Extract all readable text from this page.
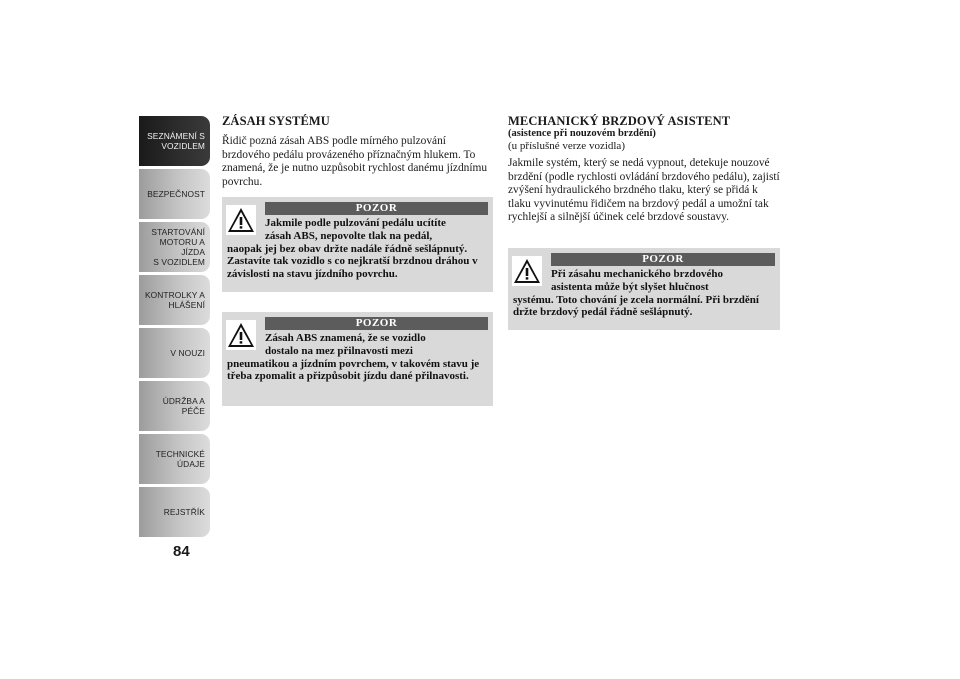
SEZNÁMENÍ S
VOZIDLEM
BEZPEČNOST
STARTOVÁNÍ
MOTORU A JÍZDA
S VOZIDLEM
KONTROLKY A
HLÁŠENÍ
V NOUZI
ÚDRŽBA A PÉČE
TECHNICKÉ
ÚDAJE
REJSTŘÍK
84
ZÁSAH SYSTÉMU

Řidič pozná zásah ABS podle mírného pulzování brzdového pedálu provázeného příznačným hlukem. To znamená, že je nutno uzpůsobit rychlost danému jízdnímu povrchu.

POZOR

Jakmile podle pulzování pedálu ucítíte
zásah ABS, nepovolte tlak na pedál,
naopak jej bez obav držte nadále řádně sešlápnutý. Zastavíte tak vozidlo s co nejkratší brzdnou dráhou v závislosti na stavu jízdního povrchu.

POZOR

Zásah ABS znamená, že se vozidlo
dostalo na mez přilnavosti mezi
pneumatikou a jízdním povrchem, v takovém stavu je třeba zpomalit a přizpůsobit jízdu dané přilnavosti.

MECHANICKÝ BRZDOVÝ ASISTENT

(asistence při nouzovém brzdění)

(u příslušné verze vozidla)

Jakmile systém, který se nedá vypnout, detekuje nouzové brzdění (podle rychlosti ovládání brzdového pedálu), zajistí zvýšení hydraulického brzdného tlaku, který se přidá k tlaku vyvinutému řidičem na brzdový pedál a umožní tak rychlejší a silnější účinek celé brzdové soustavy.

POZOR

Při zásahu mechanického brzdového
asistenta může být slyšet hlučnost
systému. Toto chování je zcela normální. Při brzdění držte brzdový pedál řádně sešlápnutý.
